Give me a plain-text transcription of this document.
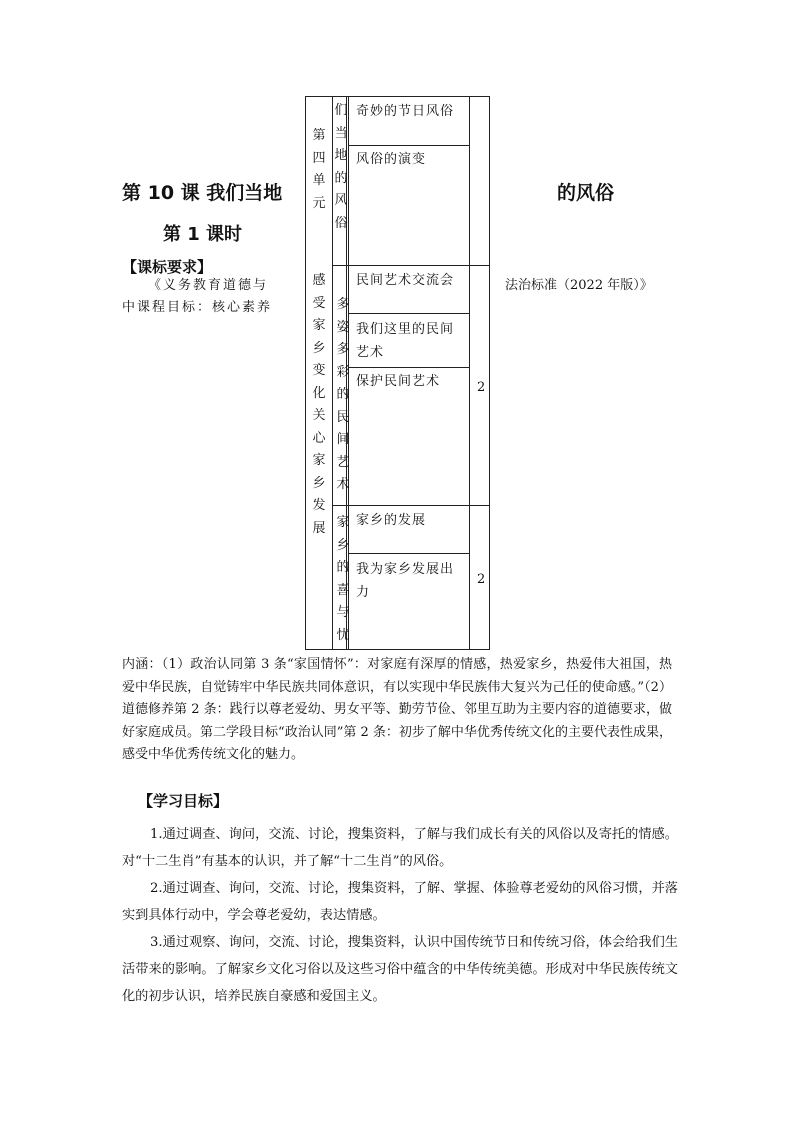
第 10 课 我们当地	的风俗
第 1 课时
【课标要求】
《义务教育道德与	法治标准（2022 年版）》
中课程目标：核心素养
第四单元
感受家乡变化关心家乡发展
们当地的风俗
多姿多彩的民间艺术
家乡的喜与忧
奇妙的节日风俗
风俗的演变
民间艺术交流会
我们这里的民间艺术
保护民间艺术
家乡的发展
我为家乡发展出力
2
2
内涵：（1）政治认同第 3 条“家国情怀”：对家庭有深厚的情感，热爱家乡，热爱伟大祖国，热爱中华民族，自觉铸牢中华民族共同体意识，有以实现中华民族伟大复兴为己任的使命感。”（2）道德修养第 2 条：践行以尊老爱幼、男女平等、勤劳节俭、邻里互助为主要内容的道德要求，做好家庭成员。第二学段目标“政治认同”第 2 条：初步了解中华优秀传统文化的主要代表性成果，感受中华优秀传统文化的魅力。
【学习目标】
1.通过调查、询问，交流、讨论，搜集资料，了解与我们成长有关的风俗以及寄托的情感。对“十二生肖”有基本的认识，并了解“十二生肖”的风俗。
2.通过调查、询问，交流、讨论，搜集资料，了解、掌握、体验尊老爱幼的风俗习惯，并落实到具体行动中，学会尊老爱幼，表达情感。
3.通过观察、询问，交流、讨论，搜集资料，认识中国传统节日和传统习俗，体会给我们生活带来的影响。了解家乡文化习俗以及这些习俗中蕴含的中华传统美德。形成对中华民族传统文化的初步认识，培养民族自豪感和爱国主义。
